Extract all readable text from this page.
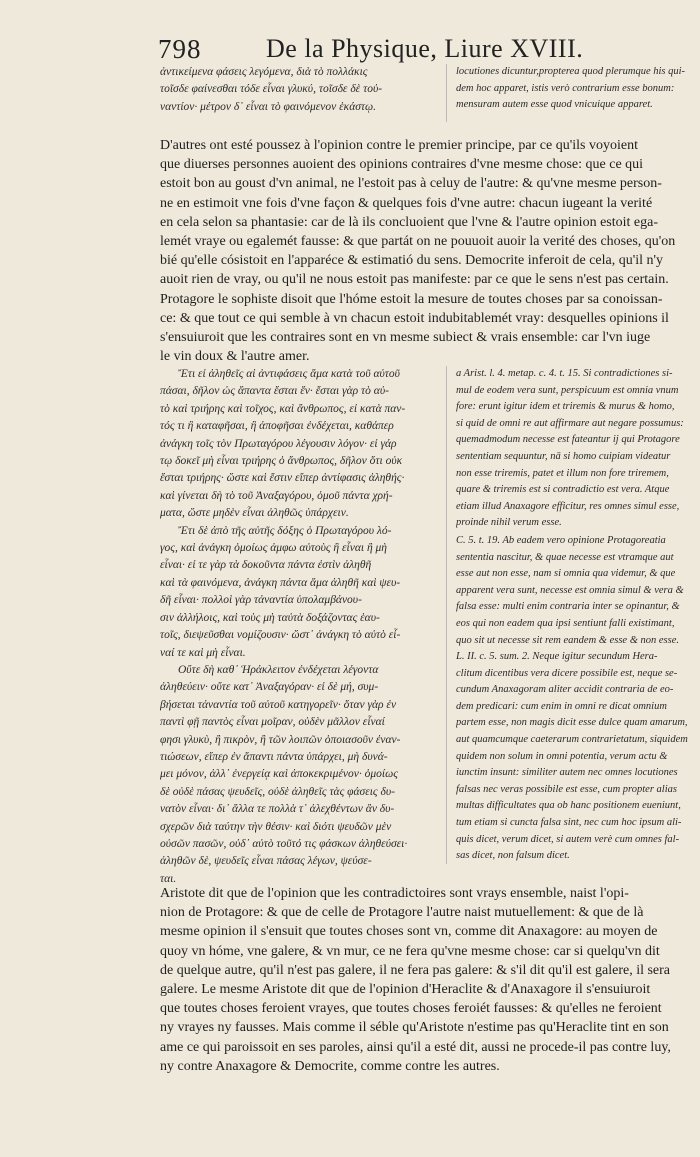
798 De la Physique, Liure XVIII.
ἀντικείμενα φάσεις λεγόμενα, διὰ τὸ πολλάκις
τοῖσδε φαίνεσθαι τόδε εἶναι γλυκύ, τοῖσδε δὲ τοὐ-
ναντίον· μέτρον δ᾽ εἶναι τὸ φαινόμενον ἑκάστῳ.
locutiones dicuntur,propterea quod plerumque his qui-
dem hoc apparet, istis verò contrarium esse bonum:
mensuram autem esse quod vnicuique apparet.
D'autres ont esté poussez à l'opinion contre le premier principe, par ce qu'ils voyoient
que diuerses personnes auoient des opinions contraires d'vne mesme chose: que ce qui
estoit bon au goust d'vn animal, ne l'estoit pas à celuy de l'autre: & qu'vne mesme person-
ne en estimoit vne fois d'vne façon & quelques fois d'vne autre: chacun iugeant la verité
en cela selon sa phantasie: car de là ils concluoient que l'vne & l'autre opinion estoit ega-
lemét vraye ou egalemét fausse: & que partát on ne pouuoit auoir la verité des choses, qu'on
bié qu'elle cósistoit en l'apparéce & estimatió du sens. Democrite inferoit de cela, qu'il n'y
auoit rien de vray, ou qu'il ne nous estoit pas manifeste: par ce que le sens n'est pas certain.
Protagore le sophiste disoit que l'hóme estoit la mesure de toutes choses par sa conoissan-
ce: & que tout ce qui semble à vn chacun estoit indubitablemét vray: desquelles opinions il
s'ensuiuroit que les contraires sont en vn mesme subiect & vrais ensemble: car l'vn iuge
le vin doux & l'autre amer.
Ἔτι εἰ ἀληθεῖς αἱ ἀντιφάσεις ἅμα κατὰ τοῦ αὐτοῦ
πάσαι, δῆλον ὡς ἅπαντα ἔσται ἕν· ἔσται γὰρ τὸ αὐ-
τὸ καὶ τριήρης καὶ τοῖχος, καὶ ἄνθρωπος, εἰ κατὰ παν-
τός τι ἢ καταφῆσαι, ἢ ἀποφῆσαι ἐνδέχεται, καθάπερ
ἀνάγκη τοῖς τὸν Πρωταγόρου λέγουσιν λόγον· εἰ γάρ
τῳ δοκεῖ μὴ εἶναι τριήρης ὁ ἄνθρωπος, δῆλον ὅτι οὐκ
ἔσται τριήρης· ὥστε καὶ ἔστιν εἴπερ ἀντίφασις ἀληθής·
καὶ γίνεται δὴ τὸ τοῦ Ἀναξαγόρου, ὁμοῦ πάντα χρή-
ματα, ὥστε μηδὲν εἶναι ἀληθῶς ὑπάρχειν.
Ἔτι δὲ ἀπὸ τῆς αὐτῆς δόξης ὁ Πρωταγόρου λό-
γος, καὶ ἀνάγκη ὁμοίως ἀμφω αὐτοὺς ἢ εἶναι ἢ μὴ
εἶναι· εἰ τε γὰρ τὰ δοκοῦντα πάντα ἐστὶν ἀληθῆ
καὶ τὰ φαινόμενα, ἀνάγκη πάντα ἅμα ἀληθῆ καὶ ψευ-
δῆ εἶναι· πολλοὶ γὰρ τἀναντία ὑπολαμβάνου-
σιν ἀλλήλοις, καὶ τοὺς μὴ ταὐτὰ δοξάζοντας ἑαυ-
τοῖς, διεψεῦσθαι νομίζουσιν· ὥστ᾽ ἀνάγκη τὸ αὐτὸ εἶ-
ναί τε καὶ μὴ εἶναι.
Οὔτε δὴ καθ᾽ Ἡράκλειτον ἐνδέχεται λέγοντα
ἀληθεύειν· οὔτε κατ᾽ Ἀναξαγόραν· εἰ δὲ μή, συμ-
βήσεται τἀναντία τοῦ αὐτοῦ κατηγορεῖν· ὅταν γὰρ ἐν
παντὶ φῇ παντὸς εἶναι μοῖραν, οὐδὲν μᾶλλον εἶναί
φησι γλυκὺ, ἢ πικρὸν, ἢ τῶν λοιπῶν ὁποιασοῦν ἐναν-
τιώσεων, εἴπερ ἐν ἅπαντι πάντα ὑπάρχει, μὴ δυνά-
μει μόνον, ἀλλ᾽ ἐνεργείᾳ καὶ ἀποκεκριμένον· ὁμοίως
δὲ οὐδὲ πάσας ψευδεῖς, οὐδὲ ἀληθεῖς τὰς φάσεις δυ-
νατὸν εἶναι· δι᾽ ἄλλα τε πολλὰ τ᾽ ἀλεχθέντων ἂν δυ-
σχερῶν διὰ ταύτην τὴν θέσιν· καὶ διότι ψευδῶν μὲν
οὐσῶν πασῶν, οὐδ᾽ αὐτὸ τοῦτό τις φάσκων ἀληθεύσει·
ἀληθῶν δὲ, ψευδεῖς εἶναι πάσας λέγων, ψεύσε-
ται.
a Arist. l. 4. metap. c. 4. t. 15. Si contradictiones si-
mul de eodem vera sunt, perspicuum est omnia vnum
fore: erunt igitur idem et triremis & murus & homo,
si quid de omni re aut affirmare aut negare possumus:
quemadmodum necesse est fateantur ij qui Protagore
sententiam sequuntur, nā si homo cuipiam videatur
non esse triremis, patet et illum non fore triremem,
quare & triremis est si contradictio est vera. Atque
etiam illud Anaxagore efficitur, res omnes simul esse,
proinde nihil verum esse.
C. 5. t. 19. Ab eadem vero opinione Protagoreatia
sententia nascitur, & quae necesse est vtramque aut
esse aut non esse, nam si omnia qua videmur, & que
apparent vera sunt, necesse est omnia simul & vera &
falsa esse: multi enim contraria inter se opinantur, &
eos qui non eadem qua ipsi sentiunt falli existimant,
quo sit ut necesse sit rem eandem & esse & non esse.
L. II. c. 5. sum. 2. Neque igitur secundum Hera-
clitum dicentibus vera dicere possibile est, neque se-
cundum Anaxagoram aliter accidit contraria de eo-
dem predicari: cum enim in omni re dicat omnium
partem esse, non magis dicit esse dulce quam amarum,
aut quamcumque caeterarum contrarietatum, siquidem
quidem non solum in omni potentia, verum actu &
iunctim insunt: similiter autem nec omnes locutiones
falsas nec veras possibile est esse, cum propter alias
multas difficultates qua ob hanc positionem eueniunt,
tum etiam si cuncta falsa sint, nec cum hoc ipsum ali-
quis dicet, verum dicet, si autem verè cum omnes fal-
sas dicet, non falsum dicet.
Aristote dit que de l'opinion que les contradictoires sont vrays ensemble, naist l'opi-
nion de Protagore: & que de celle de Protagore l'autre naist mutuellement: & que de là
mesme opinion il s'ensuit que toutes choses sont vn, comme dit Anaxagore: au moyen de
quoy vn hóme, vne galere, & vn mur, ce ne fera qu'vne mesme chose: car si quelqu'vn dit
de quelque autre, qu'il n'est pas galere, il ne fera pas galere: & s'il dit qu'il est galere, il sera
galere. Le mesme Aristote dit que de l'opinion d'Heraclite & d'Anaxagore il s'ensuiuroit
que toutes choses feroient vrayes, que toutes choses feroiét fausses: & qu'elles ne feroient
ny vrayes ny fausses. Mais comme il séble qu'Aristote n'estime pas qu'Heraclite tint en son
ame ce qui paroissoit en ses paroles, ainsi qu'il a esté dit, aussi ne procede-il pas contre luy,
ny contre Anaxagore & Democrite, comme contre les autres.
